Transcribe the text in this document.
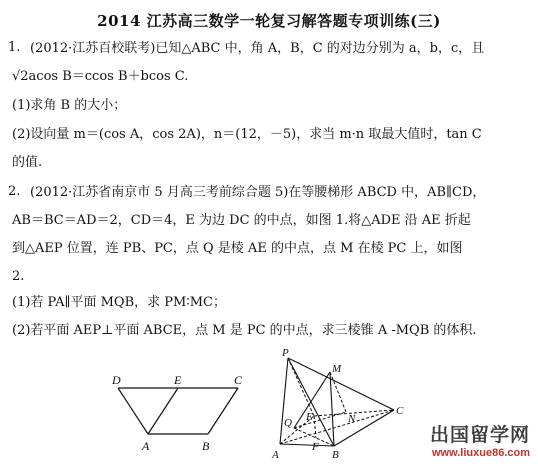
2014 江苏高三数学一轮复习解答题专项训练(三)
1. (2012·江苏百校联考)已知△ABC 中，角 A，B，C 的对边分别为 a，b，c，且
√2acos B＝ccos B＋bcos C.
(1)求角 B 的大小；
(2)设向量 m＝(cos A，cos 2A)，n＝(12，－5)，求当 m·n 取最大值时，tan C
的值.
2. (2012·江苏省南京市 5 月高三考前综合题 5)在等腰梯形 ABCD 中，AB∥CD，
AB＝BC＝AD＝2，CD＝4，E 为边 DC 的中点，如图 1.将△ADE 沿 AE 折起
到△AEP 位置，连 PB、PC，点 Q 是棱 AE 的中点，点 M 在棱 PC 上，如图
2.
(1)若 PA∥平面 MQB，求 PM∶MC；
(2)若平面 AEP⊥平面 ABCE，点 M 是 PC 的中点，求三棱锥 A -MQB 的体积.
D	E	C
A	B
P
M
E
Q	N
C
F
A	B
出国留学网
www.liuxue86.com
